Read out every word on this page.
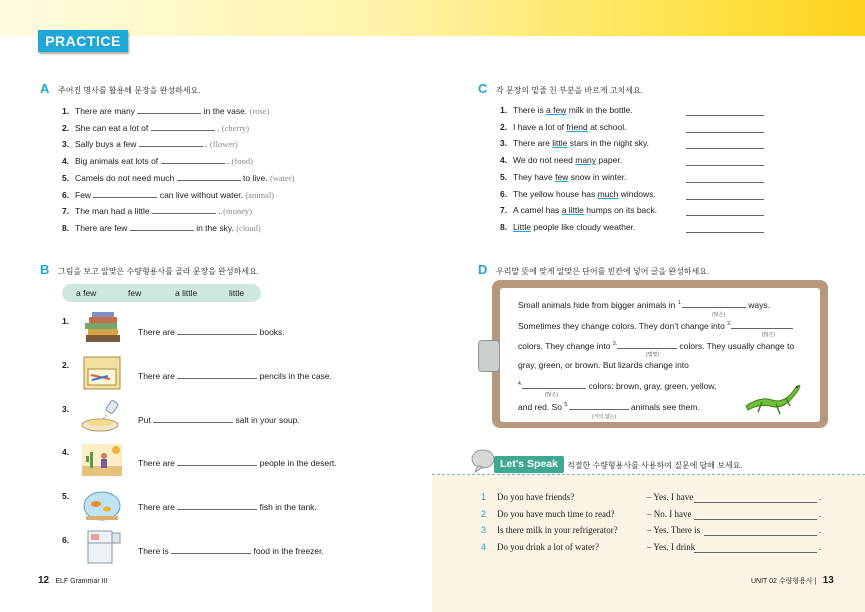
PRACTICE
A 주어진 명사를 활용해 문장을 완성하세요.
1. There are many	in the vase. (rose)
2. She can eat a lot of	. (cherry)
3. Sally buys a few	. (flower)
4. Big animals eat lots of	. (food)
5. Camels do not need much	to live. (water)
6. Few	can live without water. (animal)
7. The man had a little	. (money)
8. There are few	in the sky. (cloud)
B 그림을 보고 알맞은 수량형용사를 골라 문장을 완성하세요.
a few	few	a little	little
1.
There are	books.
2.
There are	pencils in the case.
3.
Put	salt in your soup.
4.
There are	people in the desert.
5.
There are	fish in the tank.
6.
There is	food in the freezer.
C 각 문장의 밑줄 친 부분을 바르게 고치세요.
1. There is a few milk in the bottle.
2. I have a lot of friend at school.
3. There are little stars in the night sky.
4. We do not need many paper.
5. They have few snow in winter.
6. The yellow house has much windows.
7. A camel has a little humps on its back.
8. Little people like cloudy weather.
D 우리말 뜻에 맞게 알맞은 단어를 빈칸에 넣어 글을 완성하세요.
Small animals hide from bigger animals in $^{1.}$	ways.
(많은)
Sometimes they change colors. They don’t change into $^{2.}$
(많은)
colors. They change into $^{3.}$	colors. They usually change to
(몇몇)
gray, green, or brown. But lizards change into
$^{4.}$	colors: brown, gray, green, yellow,
(많은)
and red. So $^{5.}$	animals see them.
(거의 없는)
Let's Speak	적절한 수량형용사를 사용하여 질문에 답해 보세요.
1 Do you have friends?	– Yes. I have	.
2 Do you have much time to read?	– No. I have	.
3 Is there milk in your refrigerator?	– Yes. There is	.
4 Do you drink a lot of water?	– Yes. I drink	.
12 ELF Grammar III	UNIT 02 수량형용사 | 13
